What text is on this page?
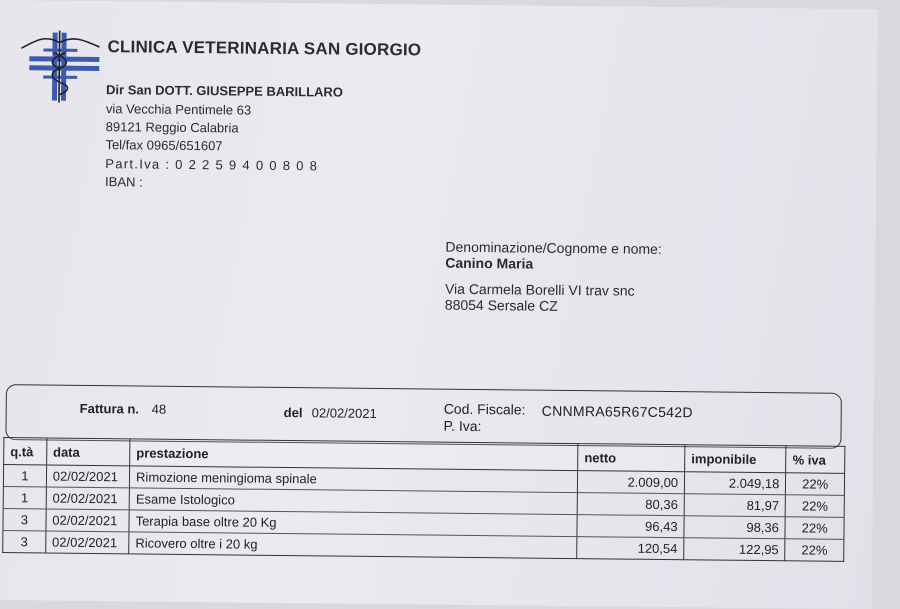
CLINICA VETERINARIA SAN GIORGIO
Dir San DOTT. GIUSEPPE BARILLARO
via Vecchia Pentimele 63
89121 Reggio Calabria
Tel/fax 0965/651607
Part.Iva : 0 2 2 5 9 4 0 0 8 0 8
IBAN :
Denominazione/Cognome e nome:
Canino Maria
Via Carmela Borelli VI trav snc
88054 Sersale CZ
Fattura n. 48	del 02/02/2021	Cod. Fiscale: CNNMRA65R67C542D
P. Iva:
q.tà	data	prestazione	netto	imponibile	% iva
1	02/02/2021	Rimozione meningioma spinale	2.009,00	2.049,18	22%
1	02/02/2021	Esame Istologico	80,36	81,97	22%
3	02/02/2021	Terapia base oltre 20 Kg	96,43	98,36	22%
3	02/02/2021	Ricovero oltre i 20 kg	120,54	122,95	22%
